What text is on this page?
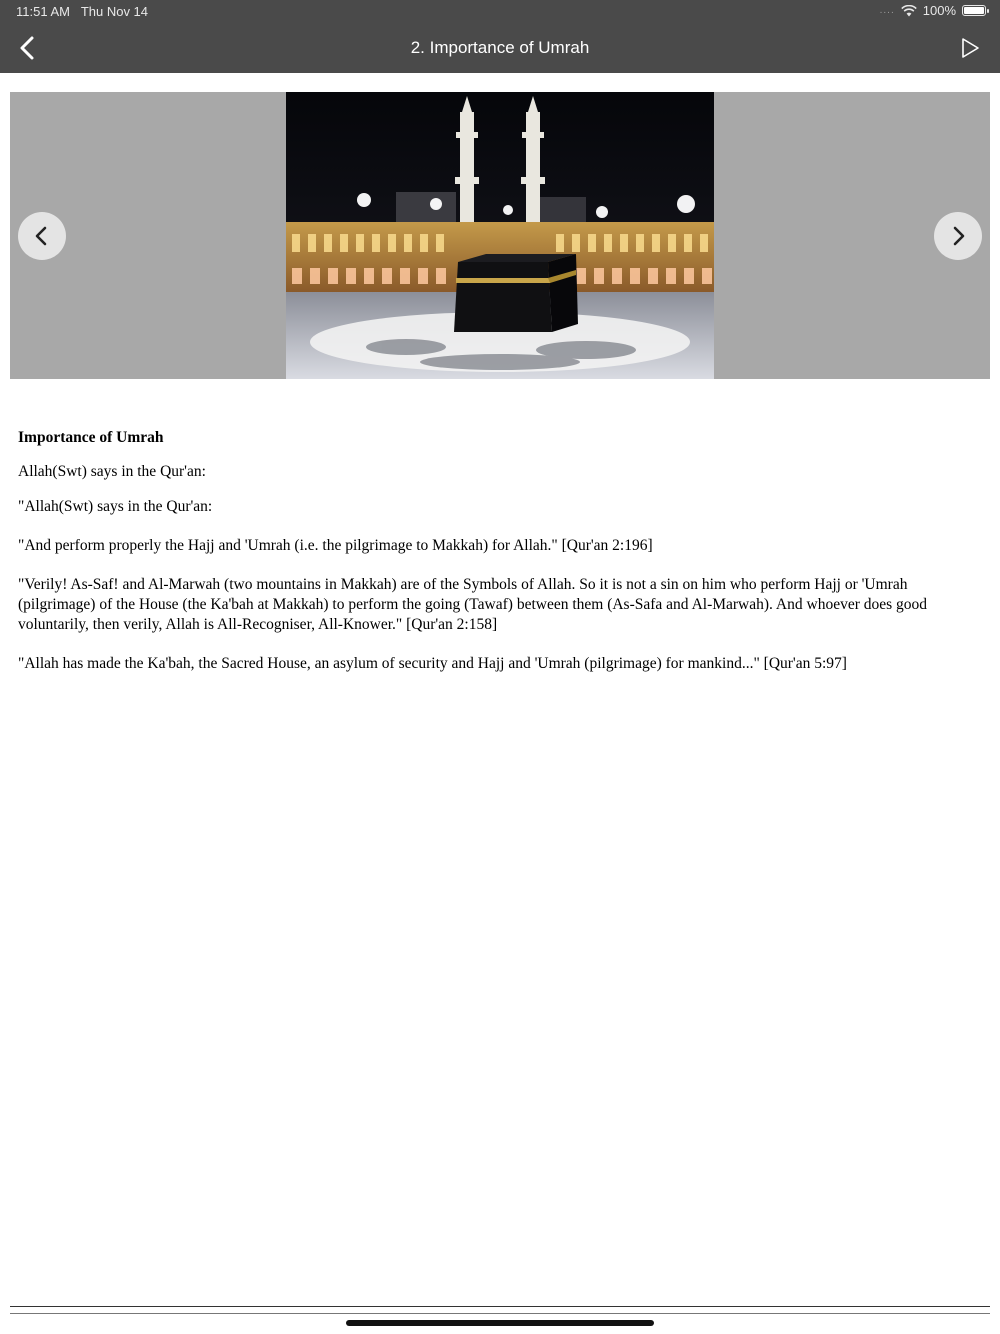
11:51 AM Thu Nov 14	.... 100%
2. Importance of Umrah
Importance of Umrah

Allah(Swt) says in the Qur'an:

"Allah(Swt) says in the Qur'an:

"And perform properly the Hajj and 'Umrah (i.e. the pilgrimage to Makkah) for Allah." [Qur'an 2:196]

"Verily! As-Saf! and Al-Marwah (two mountains in Makkah) are of the Symbols of Allah. So it is not a sin on him who perform Hajj or 'Umrah (pilgrimage) of the House (the Ka'bah at Makkah) to perform the going (Tawaf) between them (As-Safa and Al-Marwah). And whoever does good voluntarily, then verily, Allah is All-Recogniser, All-Knower." [Qur'an 2:158]

"Allah has made the Ka'bah, the Sacred House, an asylum of security and Hajj and 'Umrah (pilgrimage) for mankind..." [Qur'an 5:97]
